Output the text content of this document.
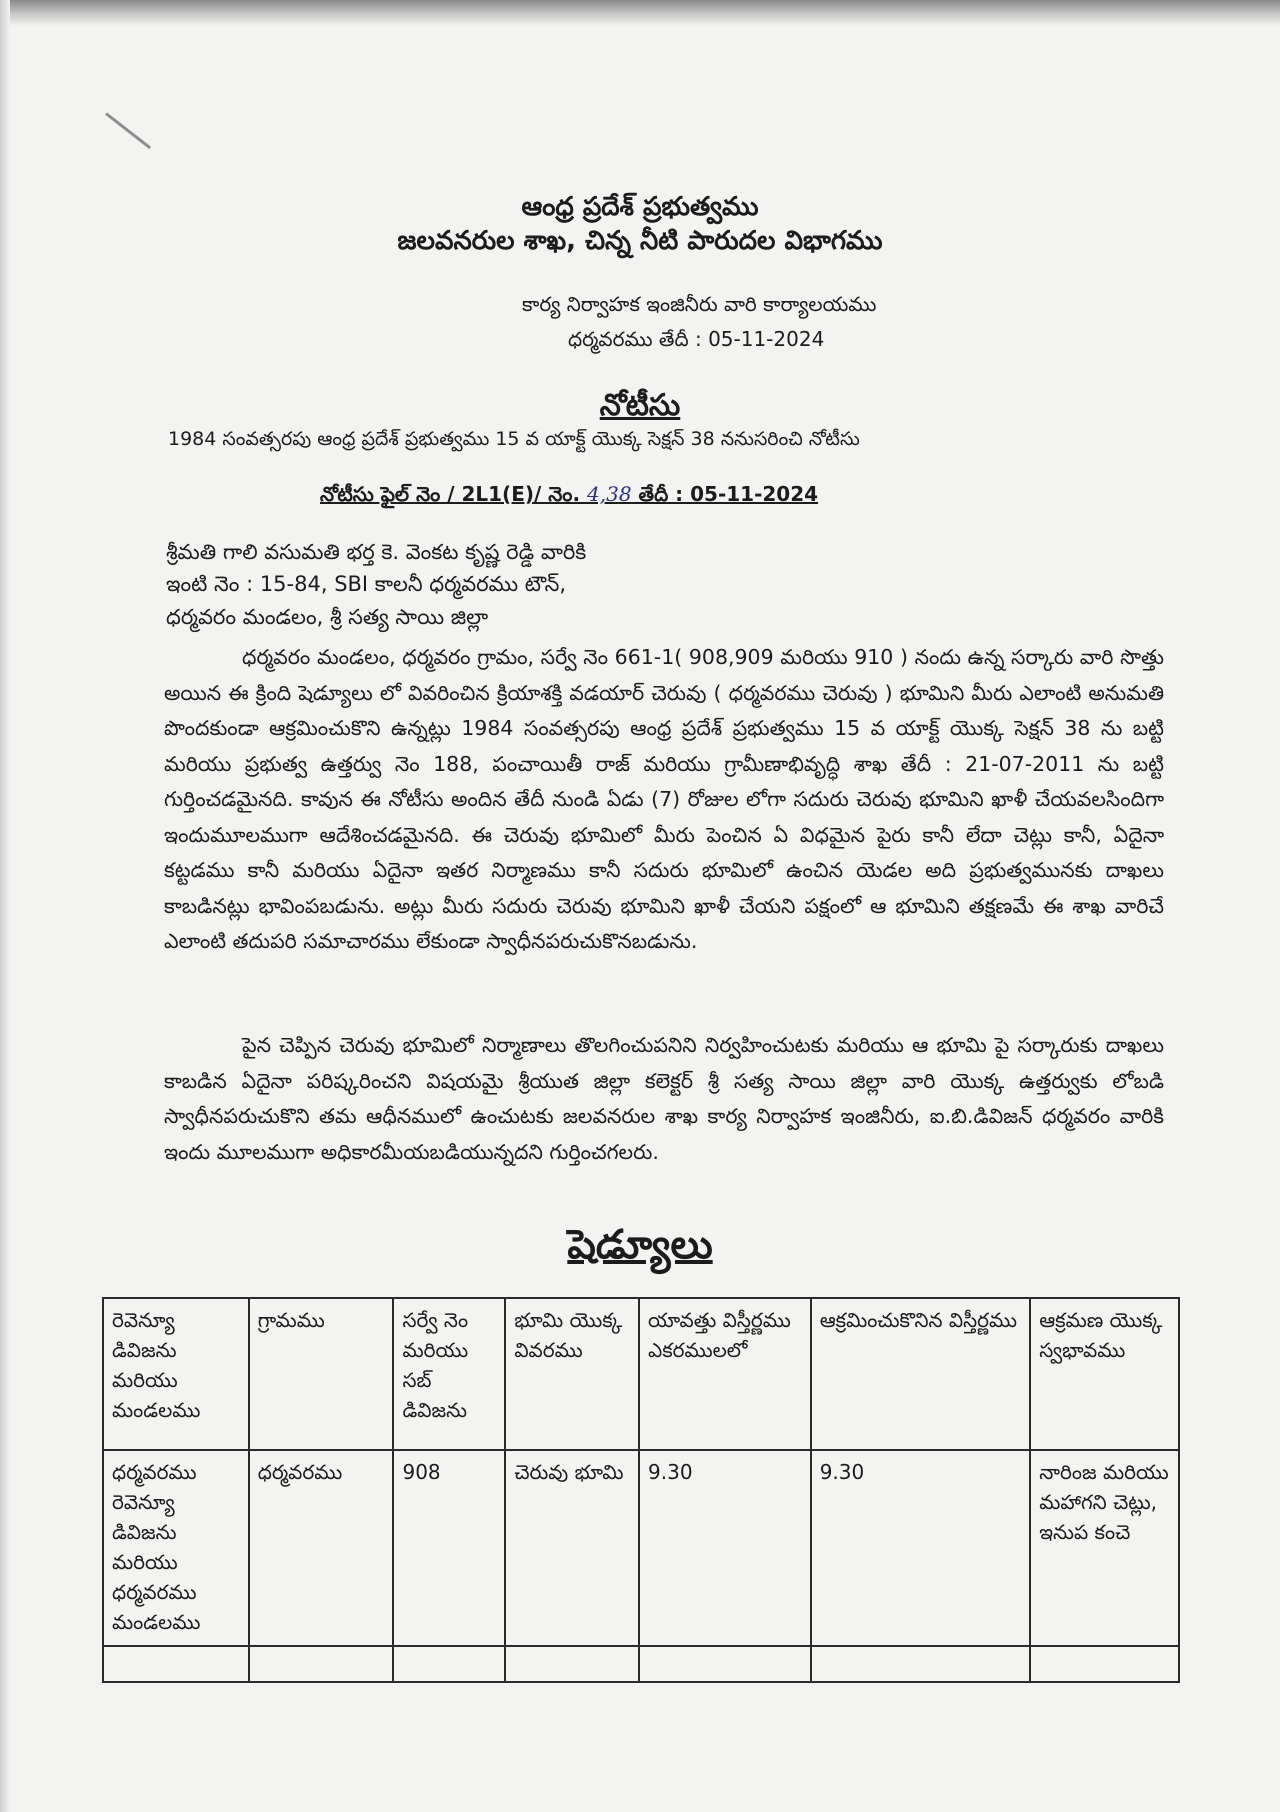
ఆంధ్ర ప్రదేశ్ ప్రభుత్వము
జలవనరుల శాఖ, చిన్న నీటి పారుదల విభాగము
కార్య నిర్వాహక ఇంజినీరు వారి కార్యాలయము
ధర్మవరము తేదీ : 05-11-2024
నోటీసు
1984 సంవత్సరపు ఆంధ్ర ప్రదేశ్ ప్రభుత్వము 15 వ యాక్ట్ యొక్క సెక్షన్ 38 ననుసరించి నోటీసు
నోటీసు ఫైల్ నెం / 2L1(E)/ నెం. 4,38 తేదీ : 05-11-2024
శ్రీమతి గాలి వసుమతి భర్త కె. వెంకట కృష్ణ రెడ్డి వారికి
ఇంటి నెం : 15-84, SBI కాలనీ ధర్మవరము టౌన్,
ధర్మవరం మండలం, శ్రీ సత్య సాయి జిల్లా
ధర్మవరం మండలం, ధర్మవరం గ్రామం, సర్వే నెం 661-1( 908,909 మరియు 910 ) నందు ఉన్న సర్కారు వారి సొత్తు అయిన ఈ క్రింది షెడ్యూలు లో వివరించిన క్రియాశక్తి వడయార్ చెరువు ( ధర్మవరము చెరువు ) భూమిని మీరు ఎలాంటి అనుమతి పొందకుండా ఆక్రమించుకొని ఉన్నట్లు 1984 సంవత్సరపు ఆంధ్ర ప్రదేశ్ ప్రభుత్వము 15 వ యాక్ట్ యొక్క సెక్షన్ 38 ను బట్టి మరియు ప్రభుత్వ ఉత్తర్వు నెం 188, పంచాయితీ రాజ్ మరియు గ్రామీణాభివృద్ధి శాఖ తేదీ : 21-07-2011 ను బట్టి గుర్తించడమైనది. కావున ఈ నోటీసు అందిన తేదీ నుండి ఏడు (7) రోజుల లోగా సదురు చెరువు భూమిని ఖాళీ చేయవలసిందిగా ఇందుమూలముగా ఆదేశించడమైనది. ఈ చెరువు భూమిలో మీరు పెంచిన ఏ విధమైన పైరు కానీ లేదా చెట్లు కానీ, ఏదైనా కట్టడము కానీ మరియు ఏదైనా ఇతర నిర్మాణము కానీ సదురు భూమిలో ఉంచిన యెడల అది ప్రభుత్వమునకు దాఖలు కాబడినట్లు భావింపబడును. అట్లు మీరు సదురు చెరువు భూమిని ఖాళీ చేయని పక్షంలో ఆ భూమిని తక్షణమే ఈ శాఖ వారిచే ఎలాంటి తదుపరి సమాచారము లేకుండా స్వాధీనపరుచుకొనబడును.
పైన చెప్పిన చెరువు భూమిలో నిర్మాణాలు తొలగించుపనిని నిర్వహించుటకు మరియు ఆ భూమి పై సర్కారుకు దాఖలు కాబడిన ఏదైనా పరిష్కరించని విషయమై శ్రీయుత జిల్లా కలెక్టర్ శ్రీ సత్య సాయి జిల్లా వారి యొక్క ఉత్తర్వుకు లోబడి స్వాధీనపరుచుకొని తమ ఆధీనములో ఉంచుటకు జలవనరుల శాఖ కార్య నిర్వాహక ఇంజినీరు, ఐ.బి.డివిజన్ ధర్మవరం వారికి ఇందు మూలముగా అధికారమీయబడియున్నదని గుర్తించగలరు.
షెడ్యూలు
రెవెన్యూ డివిజను మరియు మండలము	గ్రామము	సర్వే నెం మరియు సబ్ డివిజను	భూమి యొక్క వివరము	యావత్తు విస్తీర్ణము ఎకరములలో	ఆక్రమించుకొనిన విస్తీర్ణము	ఆక్రమణ యొక్క స్వభావము
ధర్మవరము రెవెన్యూ డివిజను మరియు ధర్మవరము మండలము	ధర్మవరము	908	చెరువు భూమి	9.30	9.30	నారింజ మరియు మహాగని చెట్లు, ఇనుప కంచె
